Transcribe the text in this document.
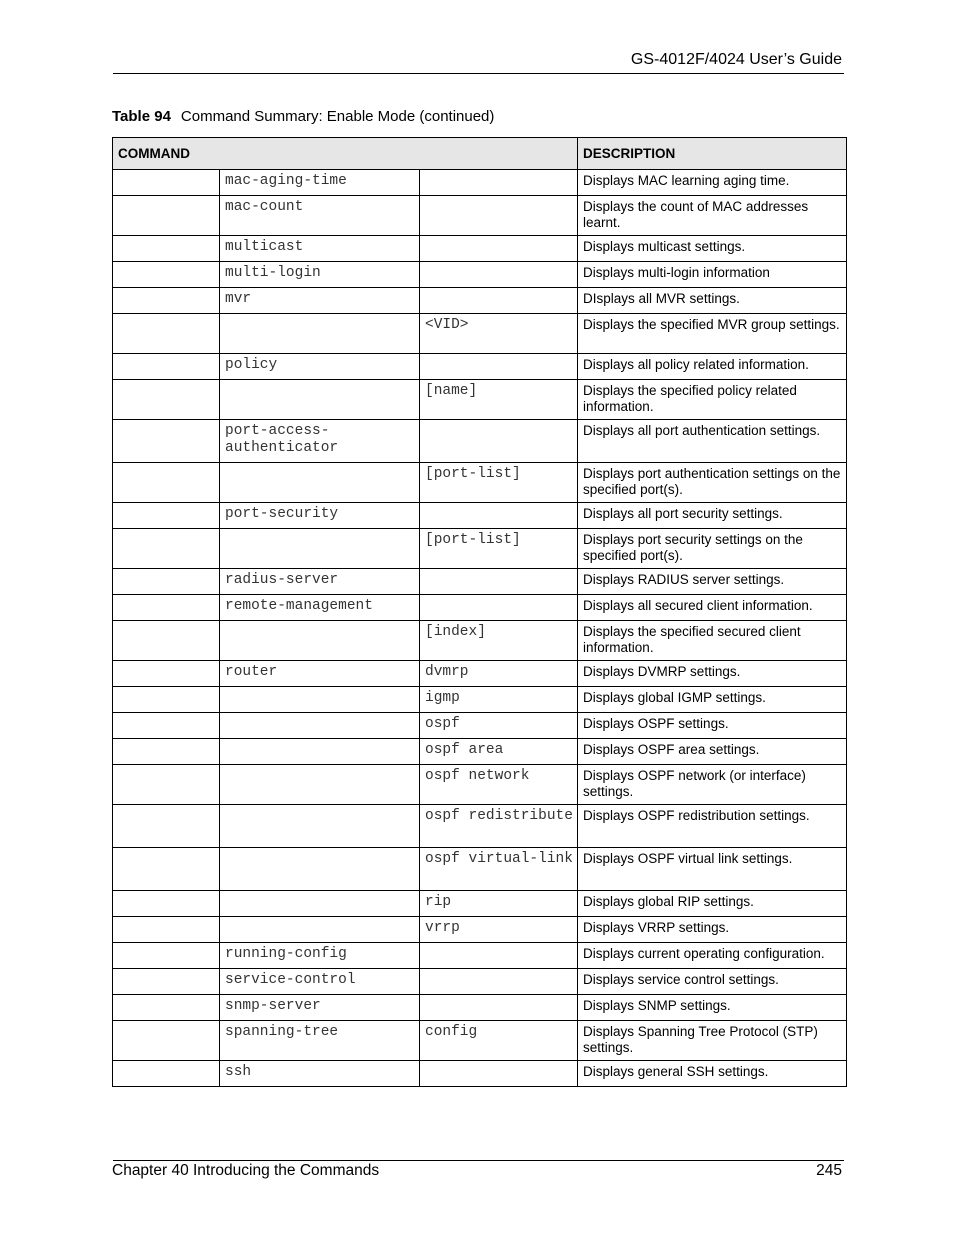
GS-4012F/4024 User’s Guide
Table 94 Command Summary: Enable Mode (continued)
COMMAND			DESCRIPTION
	mac-aging-time		Displays MAC learning aging time.
	mac-count		Displays the count of MAC addresses learnt.
	multicast		Displays multicast settings.
	multi-login		Displays multi-login information
	mvr		DIsplays all MVR settings.
		<VID>	Displays the specified MVR group settings.
	policy		Displays all policy related information.
		[name]	Displays the specified policy related information.
	port-access-authenticator		Displays all port authentication settings.
		[port-list]	Displays port authentication settings on the specified port(s).
	port-security		Displays all port security settings.
		[port-list]	Displays port security settings on the specified port(s).
	radius-server		Displays RADIUS server settings.
	remote-management		Displays all secured client information.
		[index]	Displays the specified secured client information.
	router	dvmrp	Displays DVMRP settings.
		igmp	Displays global IGMP settings.
		ospf	Displays OSPF settings.
		ospf area	Displays OSPF area settings.
		ospf network	Displays OSPF network (or interface) settings.
		ospf redistribute	Displays OSPF redistribution settings.
		ospf virtual-link	Displays OSPF virtual link settings.
		rip	Displays global RIP settings.
		vrrp	Displays VRRP settings.
	running-config		Displays current operating configuration.
	service-control		Displays service control settings.
	snmp-server		Displays SNMP settings.
	spanning-tree	config	Displays Spanning Tree Protocol (STP) settings.
	ssh		Displays general SSH settings.
Chapter 40 Introducing the Commands	245
